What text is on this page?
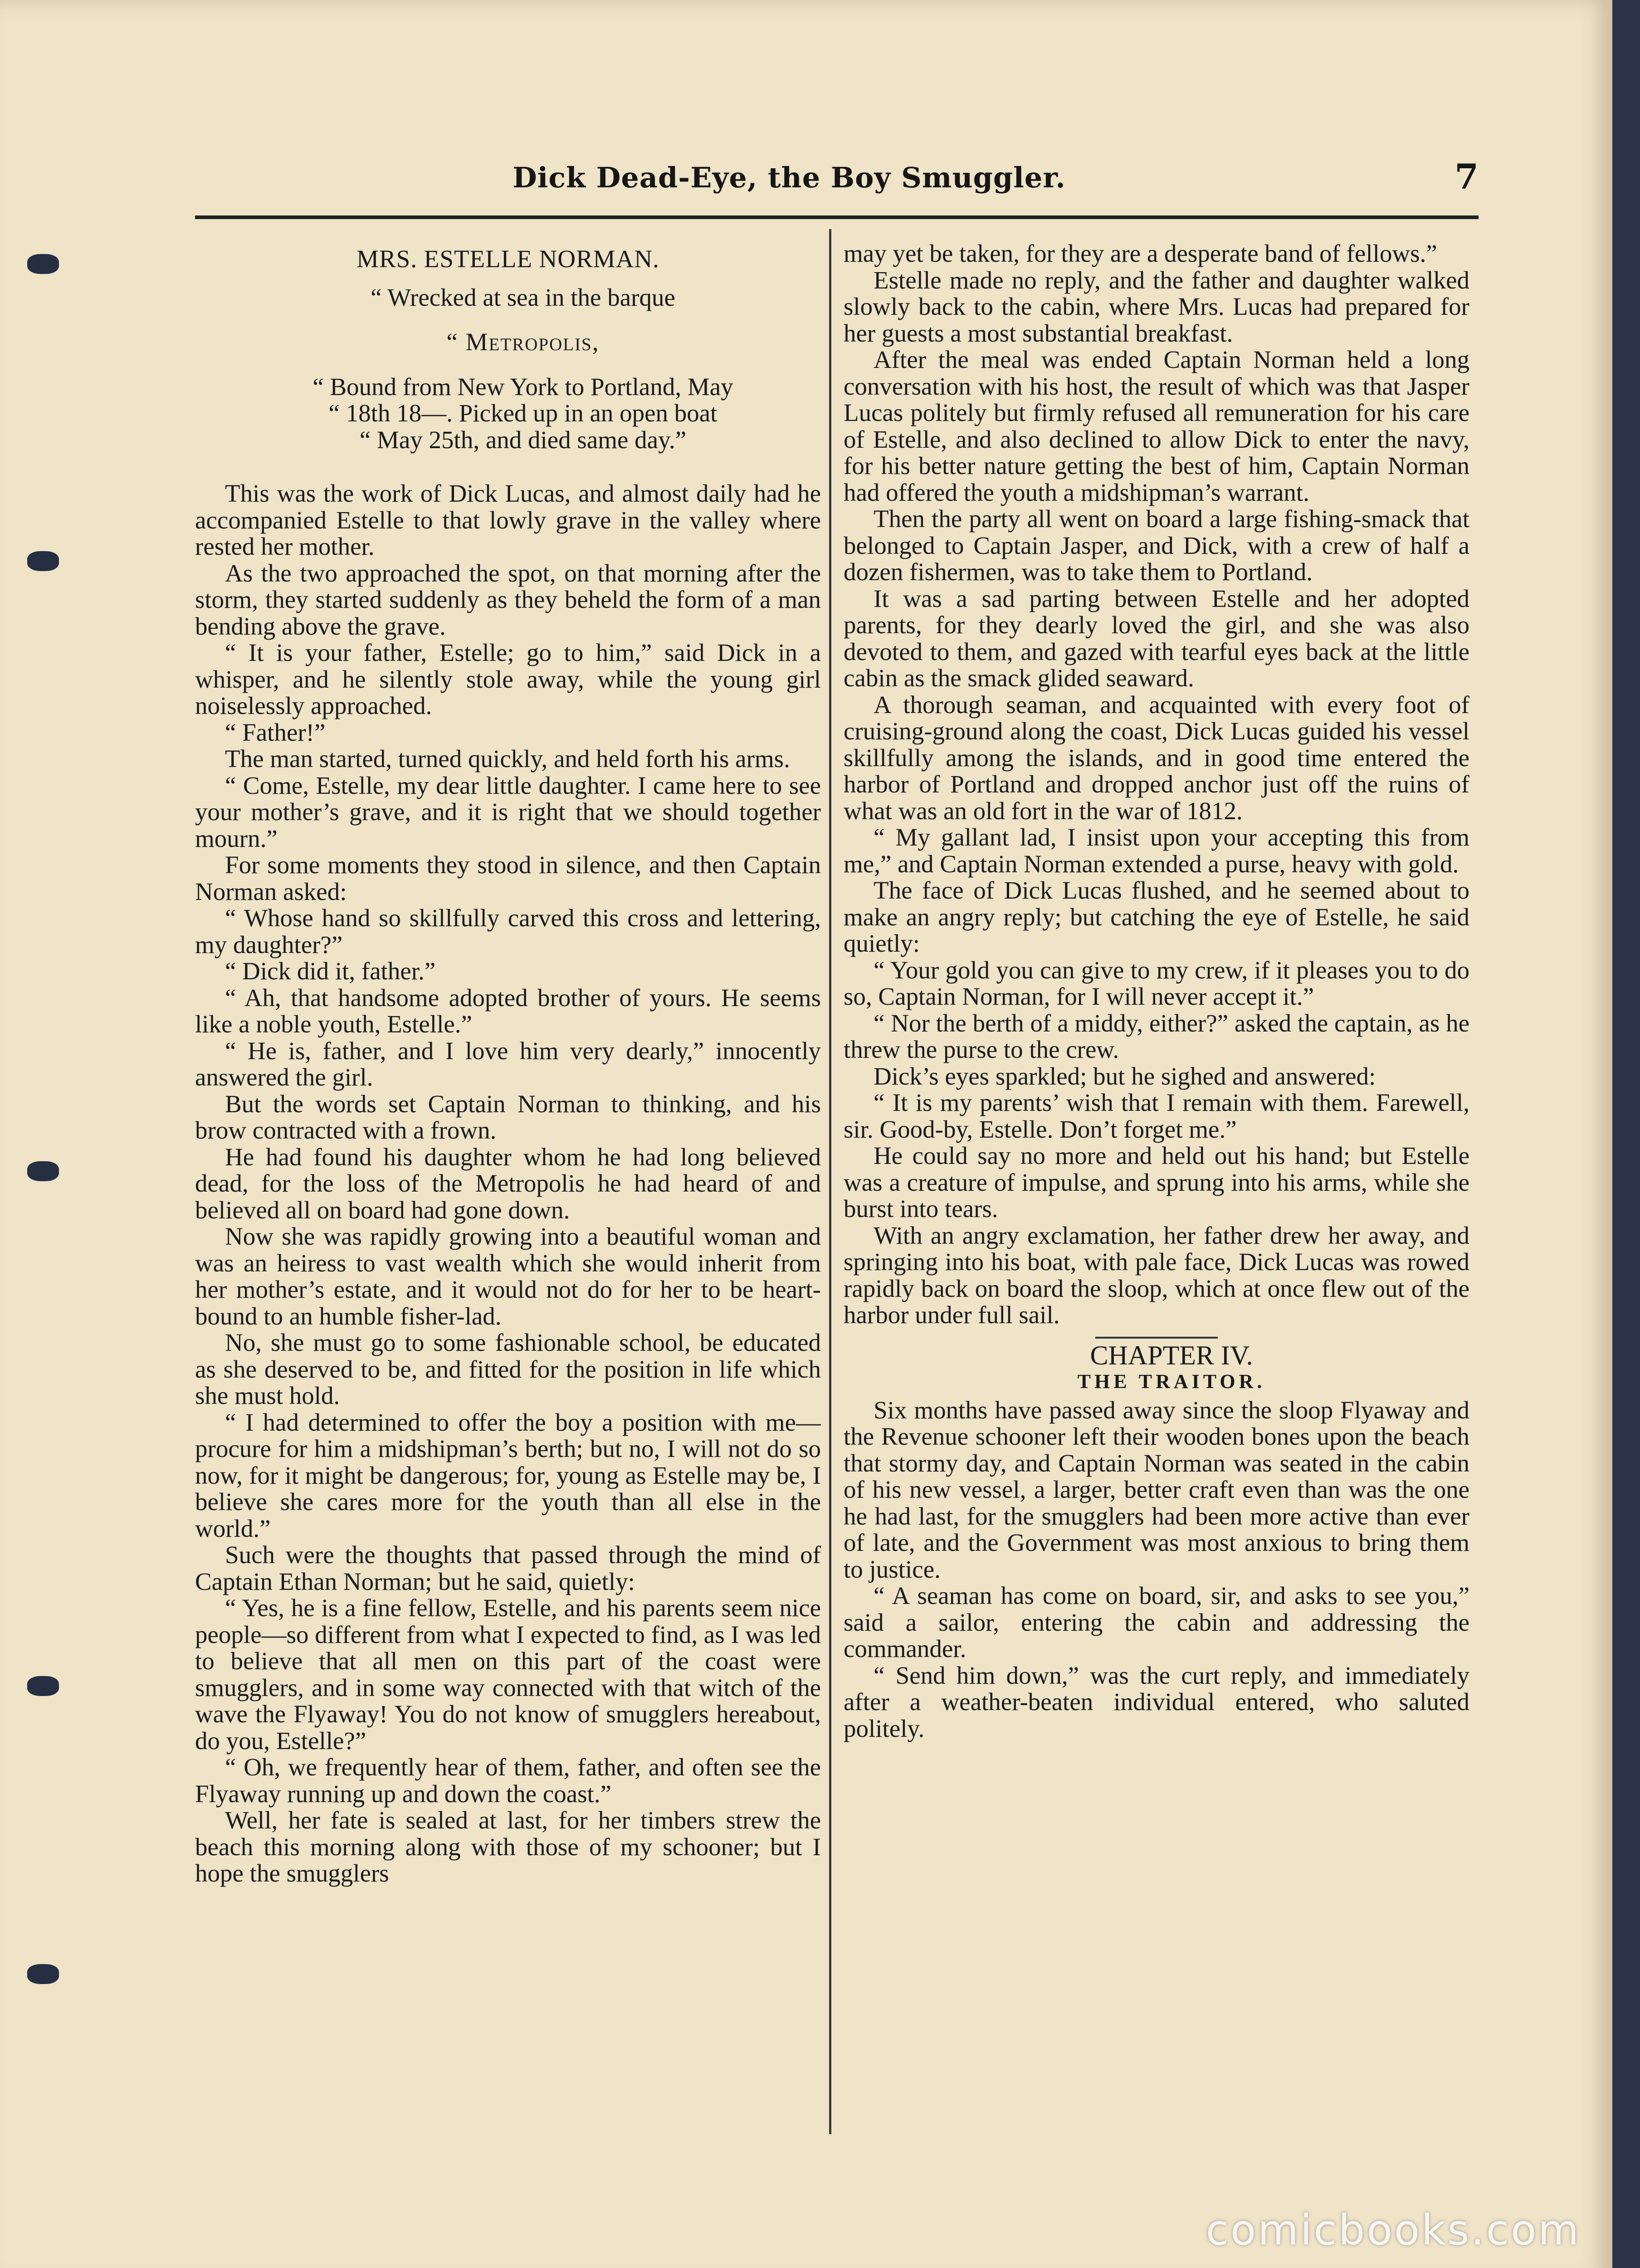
Dick Dead-Eye, the Boy Smuggler.	7

MRS. ESTELLE NORMAN.

“ Wrecked at sea in the barque

“ Metropolis,

“ Bound from New York to Portland, May

“ 18th 18—. Picked up in an open boat

“ May 25th, and died same day.”

This was the work of Dick Lucas, and almost daily had he accompanied Estelle to that lowly grave in the valley where rested her mother.

As the two approached the spot, on that morning after the storm, they started suddenly as they beheld the form of a man bending above the grave.

“ It is your father, Estelle; go to him,” said Dick in a whisper, and he silently stole away, while the young girl noiselessly approached.

“ Father!”

The man started, turned quickly, and held forth his arms.

“ Come, Estelle, my dear little daughter. I came here to see your mother’s grave, and it is right that we should together mourn.”

For some moments they stood in silence, and then Captain Norman asked:

“ Whose hand so skillfully carved this cross and lettering, my daughter?”

“ Dick did it, father.”

“ Ah, that handsome adopted brother of yours. He seems like a noble youth, Estelle.”

“ He is, father, and I love him very dearly,” innocently answered the girl.

But the words set Captain Norman to thinking, and his brow contracted with a frown.

He had found his daughter whom he had long believed dead, for the loss of the Metropolis he had heard of and believed all on board had gone down.

Now she was rapidly growing into a beautiful woman and was an heiress to vast wealth which she would inherit from her mother’s estate, and it would not do for her to be heart-bound to an humble fisher-lad.

No, she must go to some fashionable school, be educated as she deserved to be, and fitted for the position in life which she must hold.

“ I had determined to offer the boy a position with me—procure for him a midshipman’s berth; but no, I will not do so now, for it might be dangerous; for, young as Estelle may be, I believe she cares more for the youth than all else in the world.”

Such were the thoughts that passed through the mind of Captain Ethan Norman; but he said, quietly:

“ Yes, he is a fine fellow, Estelle, and his parents seem nice people—so different from what I expected to find, as I was led to believe that all men on this part of the coast were smugglers, and in some way connected with that witch of the wave the Flyaway! You do not know of smugglers hereabout, do you, Estelle?”

“ Oh, we frequently hear of them, father, and often see the Flyaway running up and down the coast.”

Well, her fate is sealed at last, for her timbers strew the beach this morning along with those of my schooner; but I hope the smugglers

may yet be taken, for they are a desperate band of fellows.”

Estelle made no reply, and the father and daughter walked slowly back to the cabin, where Mrs. Lucas had prepared for her guests a most substantial breakfast.

After the meal was ended Captain Norman held a long conversation with his host, the result of which was that Jasper Lucas politely but firmly refused all remuneration for his care of Estelle, and also declined to allow Dick to enter the navy, for his better nature getting the best of him, Captain Norman had offered the youth a midshipman’s warrant.

Then the party all went on board a large fishing-smack that belonged to Captain Jasper, and Dick, with a crew of half a dozen fishermen, was to take them to Portland.

It was a sad parting between Estelle and her adopted parents, for they dearly loved the girl, and she was also devoted to them, and gazed with tearful eyes back at the little cabin as the smack glided seaward.

A thorough seaman, and acquainted with every foot of cruising-ground along the coast, Dick Lucas guided his vessel skillfully among the islands, and in good time entered the harbor of Portland and dropped anchor just off the ruins of what was an old fort in the war of 1812.

“ My gallant lad, I insist upon your accepting this from me,” and Captain Norman extended a purse, heavy with gold.

The face of Dick Lucas flushed, and he seemed about to make an angry reply; but catching the eye of Estelle, he said quietly:

“ Your gold you can give to my crew, if it pleases you to do so, Captain Norman, for I will never accept it.”

“ Nor the berth of a middy, either?” asked the captain, as he threw the purse to the crew.

Dick’s eyes sparkled; but he sighed and answered:

“ It is my parents’ wish that I remain with them. Farewell, sir. Good-by, Estelle. Don’t forget me.”

He could say no more and held out his hand; but Estelle was a creature of impulse, and sprung into his arms, while she burst into tears.

With an angry exclamation, her father drew her away, and springing into his boat, with pale face, Dick Lucas was rowed rapidly back on board the sloop, which at once flew out of the harbor under full sail.

CHAPTER IV.

THE TRAITOR.

Six months have passed away since the sloop Flyaway and the Revenue schooner left their wooden bones upon the beach that stormy day, and Captain Norman was seated in the cabin of his new vessel, a larger, better craft even than was the one he had last, for the smugglers had been more active than ever of late, and the Government was most anxious to bring them to justice.

“ A seaman has come on board, sir, and asks to see you,” said a sailor, entering the cabin and addressing the commander.

“ Send him down,” was the curt reply, and immediately after a weather-beaten individual entered, who saluted politely.

comicbooks.com
